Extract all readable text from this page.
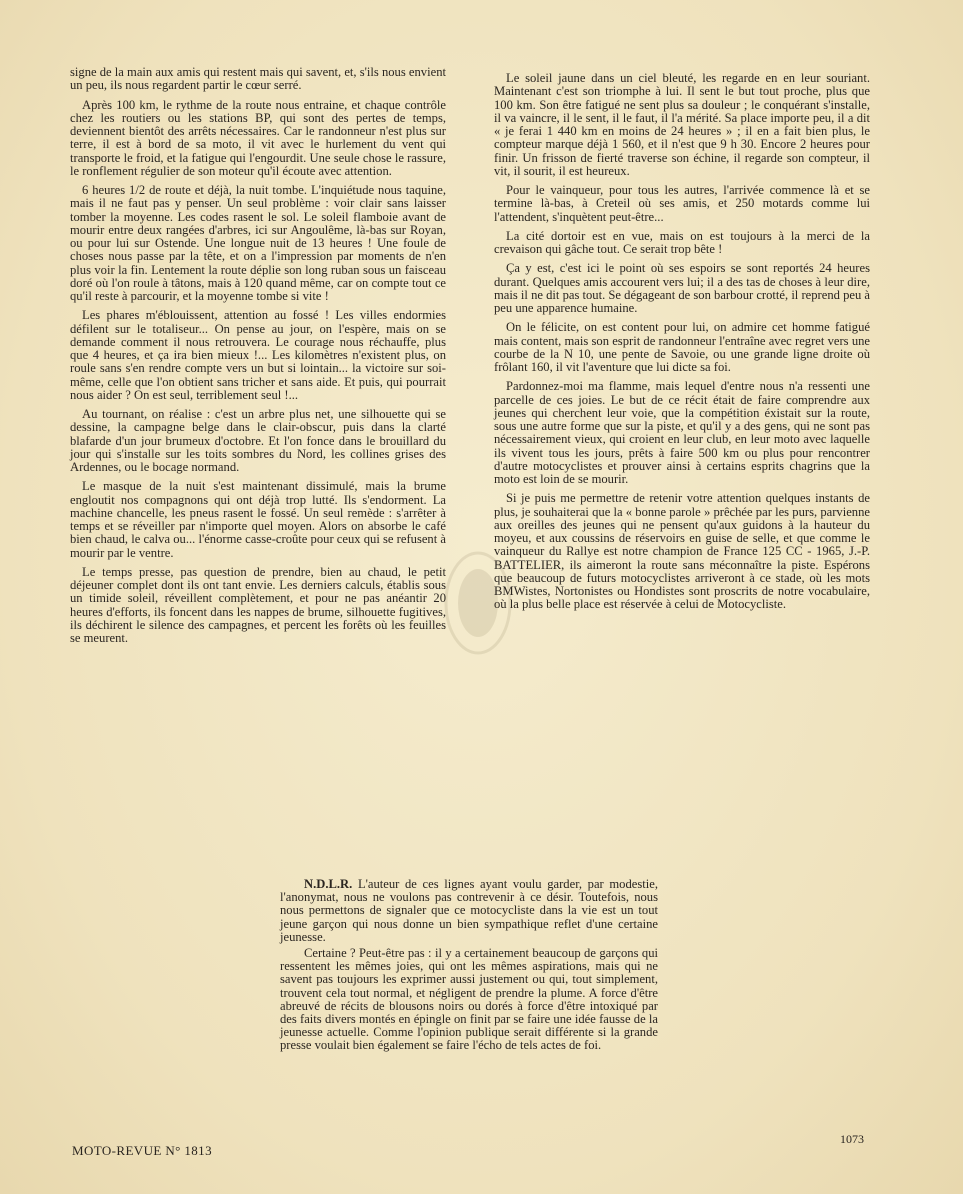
signe de la main aux amis qui restent mais qui savent, et, s'ils nous envient un peu, ils nous regardent partir le cœur serré.

Après 100 km, le rythme de la route nous entraine, et chaque contrôle chez les routiers ou les stations BP, qui sont des pertes de temps, deviennent bientôt des arrêts nécessaires. Car le randonneur n'est plus sur terre, il est à bord de sa moto, il vit avec le hurlement du vent qui transporte le froid, et la fatigue qui l'engourdit. Une seule chose le rassure, le ronflement régulier de son moteur qu'il écoute avec attention.

6 heures 1/2 de route et déjà, la nuit tombe. L'inquiétude nous taquine, mais il ne faut pas y penser. Un seul problème : voir clair sans laisser tomber la moyenne. Les codes rasent le sol. Le soleil flamboie avant de mourir entre deux rangées d'arbres, ici sur Angoulême, là-bas sur Royan, ou pour lui sur Ostende. Une longue nuit de 13 heures ! Une foule de choses nous passe par la tête, et on a l'impression par moments de n'en plus voir la fin. Lentement la route déplie son long ruban sous un faisceau doré où l'on roule à tâtons, mais à 120 quand même, car on compte tout ce qu'il reste à parcourir, et la moyenne tombe si vite !

Les phares m'éblouissent, attention au fossé ! Les villes endormies défilent sur le totaliseur... On pense au jour, on l'espère, mais on se demande comment il nous retrouvera. Le courage nous réchauffe, plus que 4 heures, et ça ira bien mieux !... Les kilomètres n'existent plus, on roule sans s'en rendre compte vers un but si lointain... la victoire sur soi-même, celle que l'on obtient sans tricher et sans aide. Et puis, qui pourrait nous aider ? On est seul, terriblement seul !...

Au tournant, on réalise : c'est un arbre plus net, une silhouette qui se dessine, la campagne belge dans le clair-obscur, puis dans la clarté blafarde d'un jour brumeux d'octobre. Et l'on fonce dans le brouillard du jour qui s'installe sur les toits sombres du Nord, les collines grises des Ardennes, ou le bocage normand.

Le masque de la nuit s'est maintenant dissimulé, mais la brume engloutit nos compagnons qui ont déjà trop lutté. Ils s'endorment. La machine chancelle, les pneus rasent le fossé. Un seul remède : s'arrêter à temps et se réveiller par n'importe quel moyen. Alors on absorbe le café bien chaud, le calva ou... l'énorme casse-croûte pour ceux qui se refusent à mourir par le ventre.

Le temps presse, pas question de prendre, bien au chaud, le petit déjeuner complet dont ils ont tant envie. Les derniers calculs, établis sous un timide soleil, réveillent complètement, et pour ne pas anéantir 20 heures d'efforts, ils foncent dans les nappes de brume, silhouette fugitives, ils déchirent le silence des campagnes, et percent les forêts où les feuilles se meurent.

Le soleil jaune dans un ciel bleuté, les regarde en en leur souriant. Maintenant c'est son triomphe à lui. Il sent le but tout proche, plus que 100 km. Son être fatigué ne sent plus sa douleur ; le conquérant s'installe, il va vaincre, il le sent, il le faut, il l'a mérité. Sa place importe peu, il a dit « je ferai 1 440 km en moins de 24 heures » ; il en a fait bien plus, le compteur marque déjà 1 560, et il n'est que 9 h 30. Encore 2 heures pour finir. Un frisson de fierté traverse son échine, il regarde son compteur, il vit, il sourit, il est heureux.

Pour le vainqueur, pour tous les autres, l'arrivée commence là et se termine là-bas, à Creteil où ses amis, et 250 motards comme lui l'attendent, s'inquètent peut-être...

La cité dortoir est en vue, mais on est toujours à la merci de la crevaison qui gâche tout. Ce serait trop bête !

Ça y est, c'est ici le point où ses espoirs se sont reportés 24 heures durant. Quelques amis accourent vers lui; il a des tas de choses à leur dire, mais il ne dit pas tout. Se dégageant de son barbour crotté, il reprend peu à peu une apparence humaine.

On le félicite, on est content pour lui, on admire cet homme fatigué mais content, mais son esprit de randonneur l'entraîne avec regret vers une courbe de la N 10, une pente de Savoie, ou une grande ligne droite où frôlant 160, il vit l'aventure que lui dicte sa foi.

Pardonnez-moi ma flamme, mais lequel d'entre nous n'a ressenti une parcelle de ces joies. Le but de ce récit était de faire comprendre aux jeunes qui cherchent leur voie, que la compétition éxistait sur la route, sous une autre forme que sur la piste, et qu'il y a des gens, qui ne sont pas nécessairement vieux, qui croient en leur club, en leur moto avec laquelle ils vivent tous les jours, prêts à faire 500 km ou plus pour rencontrer d'autre motocyclistes et prouver ainsi à certains esprits chagrins que la moto est loin de se mourir.

Si je puis me permettre de retenir votre attention quelques instants de plus, je souhaiterai que la « bonne parole » prêchée par les purs, parvienne aux oreilles des jeunes qui ne pensent qu'aux guidons à la hauteur du moyeu, et aux coussins de réservoirs en guise de selle, et que comme le vainqueur du Rallye est notre champion de France 125 CC - 1965, J.-P. BATTELIER, ils aimeront la route sans méconnaître la piste. Espérons que beaucoup de futurs motocyclistes arriveront à ce stade, où les mots BMWistes, Nortonistes ou Hondistes sont proscrits de notre vocabulaire, où la plus belle place est réservée à celui de Motocycliste.

N.D.L.R. L'auteur de ces lignes ayant voulu garder, par modestie, l'anonymat, nous ne voulons pas contrevenir à ce désir. Toutefois, nous nous permettons de signaler que ce motocycliste dans la vie est un tout jeune garçon qui nous donne un bien sympathique reflet d'une certaine jeunesse.

Certaine ? Peut-être pas : il y a certainement beaucoup de garçons qui ressentent les mêmes joies, qui ont les mêmes aspirations, mais qui ne savent pas toujours les exprimer aussi justement ou qui, tout simplement, trouvent cela tout normal, et négligent de prendre la plume. A force d'être abreuvé de récits de blousons noirs ou dorés à force d'être intoxiqué par des faits divers montés en épingle on finit par se faire une idée fausse de la jeunesse actuelle. Comme l'opinion publique serait différente si la grande presse voulait bien également se faire l'écho de tels actes de foi.

MOTO-REVUE N° 1813
1073
